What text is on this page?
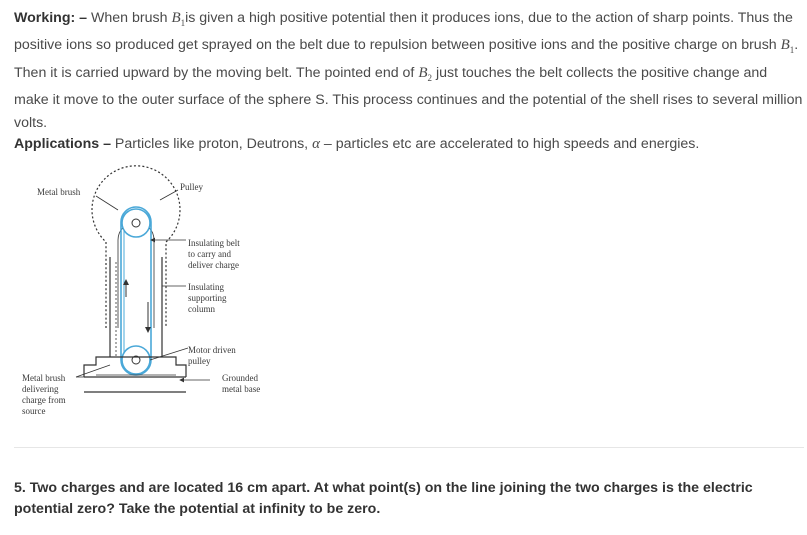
Working: – When brush $B_1is$ given a high positive potential then it produces ions, due to the action of sharp points. Thus the positive ions so produced get sprayed on the belt due to repulsion between positive ions and the positive charge on brush $B_1$. Then it is carried upward by the moving belt. The pointed end of $B_2$ just touches the belt collects the positive change and make it move to the outer surface of the sphere S. This process continues and the potential of the shell rises to several million volts.
Applications – Particles like proton, Deutrons, α – particles etc are accelerated to high speeds and energies.
Metal brush	Pulley
Insulating belt
to carry and
deliver charge
Insulating
supporting
column
Motor driven
pulley
Metal brush
delivering
charge from
source
Grounded
metal base
5. Two charges and are located 16 cm apart. At what point(s) on the line joining the two charges is the electric potential zero? Take the potential at infinity to be zero.
